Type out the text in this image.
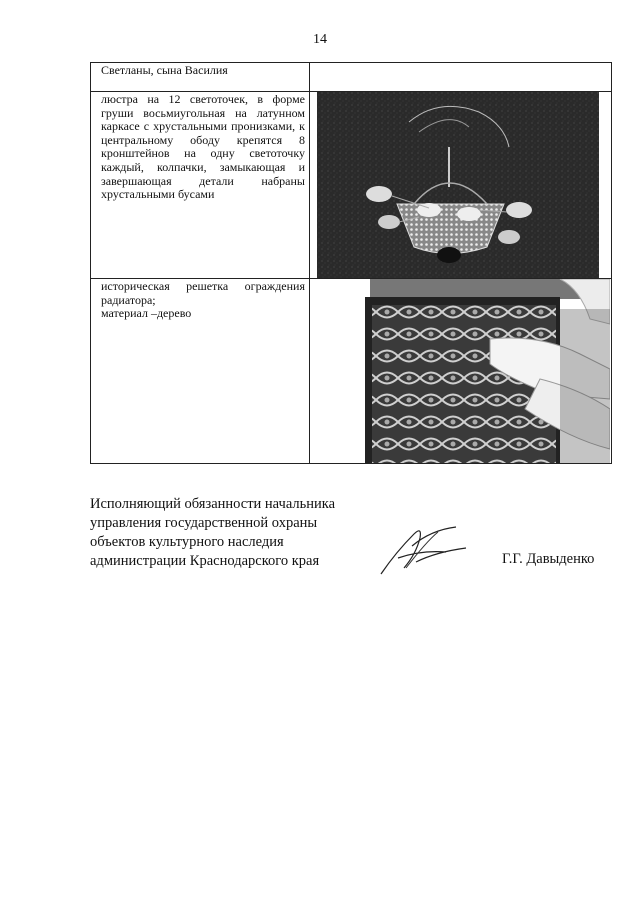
14
Светланы, сына Василия	

люстра на 12 светоточек, в форме груши восьмиугольная на латунном каркасе с хрустальными пронизками, к центральному ободу крепятся 8 кронштейнов на одну светоточку каждый, колпачки, замыкающая и завершающая детали набраны хрустальными бусами

историческая решетка ограждения радиатора;
материал –дерево

Исполняющий обязанности начальника
управления государственной охраны
объектов культурного наследия
администрации Краснодарского края	Г.Г. Давыденко
